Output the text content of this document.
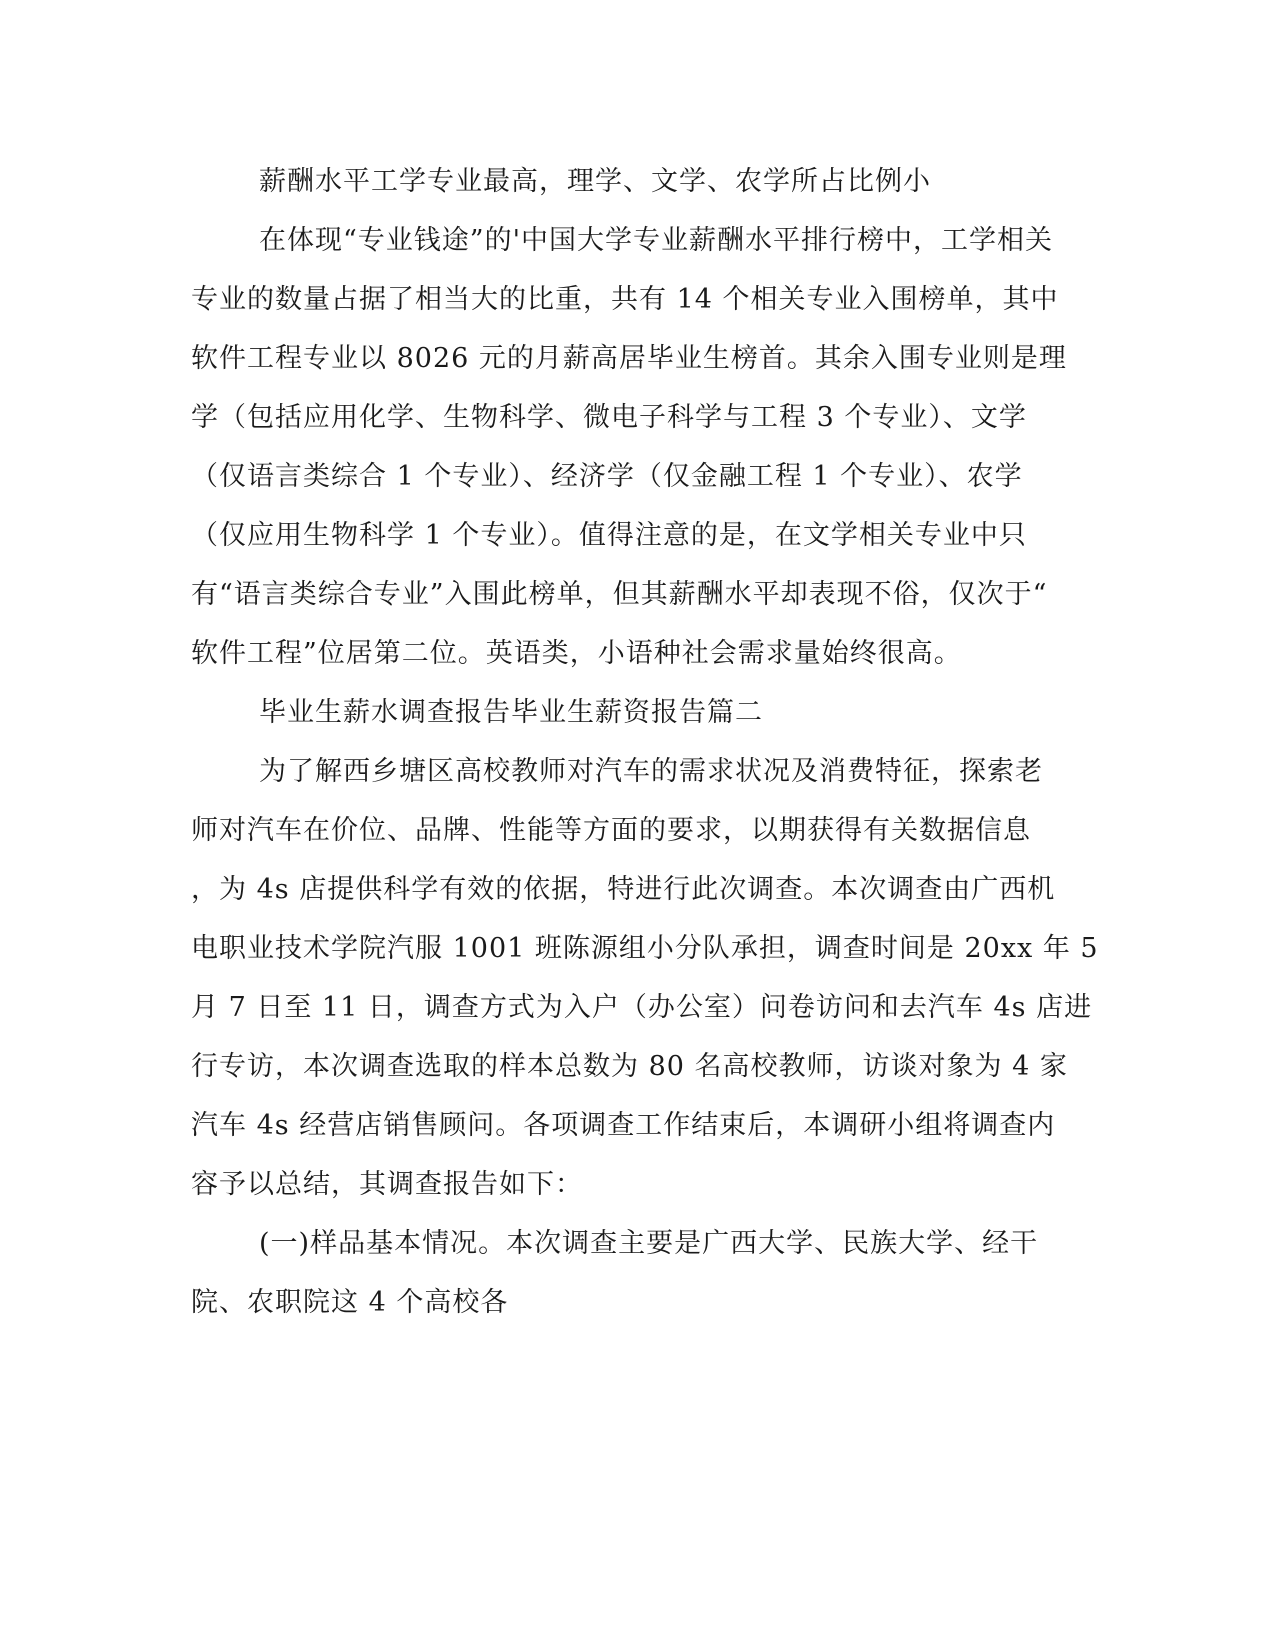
薪酬水平工学专业最高，理学、文学、农学所占比例小
在体现“专业钱途”的'中国大学专业薪酬水平排行榜中，工学相关
专业的数量占据了相当大的比重，共有 14 个相关专业入围榜单，其中
软件工程专业以 8026 元的月薪高居毕业生榜首。其余入围专业则是理
学（包括应用化学、生物科学、微电子科学与工程 3 个专业）、文学
（仅语言类综合 1 个专业）、经济学（仅金融工程 1 个专业）、农学
（仅应用生物科学 1 个专业）。值得注意的是，在文学相关专业中只
有“语言类综合专业”入围此榜单，但其薪酬水平却表现不俗，仅次于“
软件工程”位居第二位。英语类，小语种社会需求量始终很高。
毕业生薪水调查报告毕业生薪资报告篇二
为了解西乡塘区高校教师对汽车的需求状况及消费特征，探索老
师对汽车在价位、品牌、性能等方面的要求，以期获得有关数据信息
，为 4s 店提供科学有效的依据，特进行此次调查。本次调查由广西机
电职业技术学院汽服 1001 班陈源组小分队承担，调查时间是 20xx 年 5
月 7 日至 11 日，调查方式为入户（办公室）问卷访问和去汽车 4s 店进
行专访，本次调查选取的样本总数为 80 名高校教师，访谈对象为 4 家
汽车 4s 经营店销售顾问。各项调查工作结束后，本调研小组将调查内
容予以总结，其调查报告如下：
(一)样品基本情况。本次调查主要是广西大学、民族大学、经干
院、农职院这 4 个高校各
